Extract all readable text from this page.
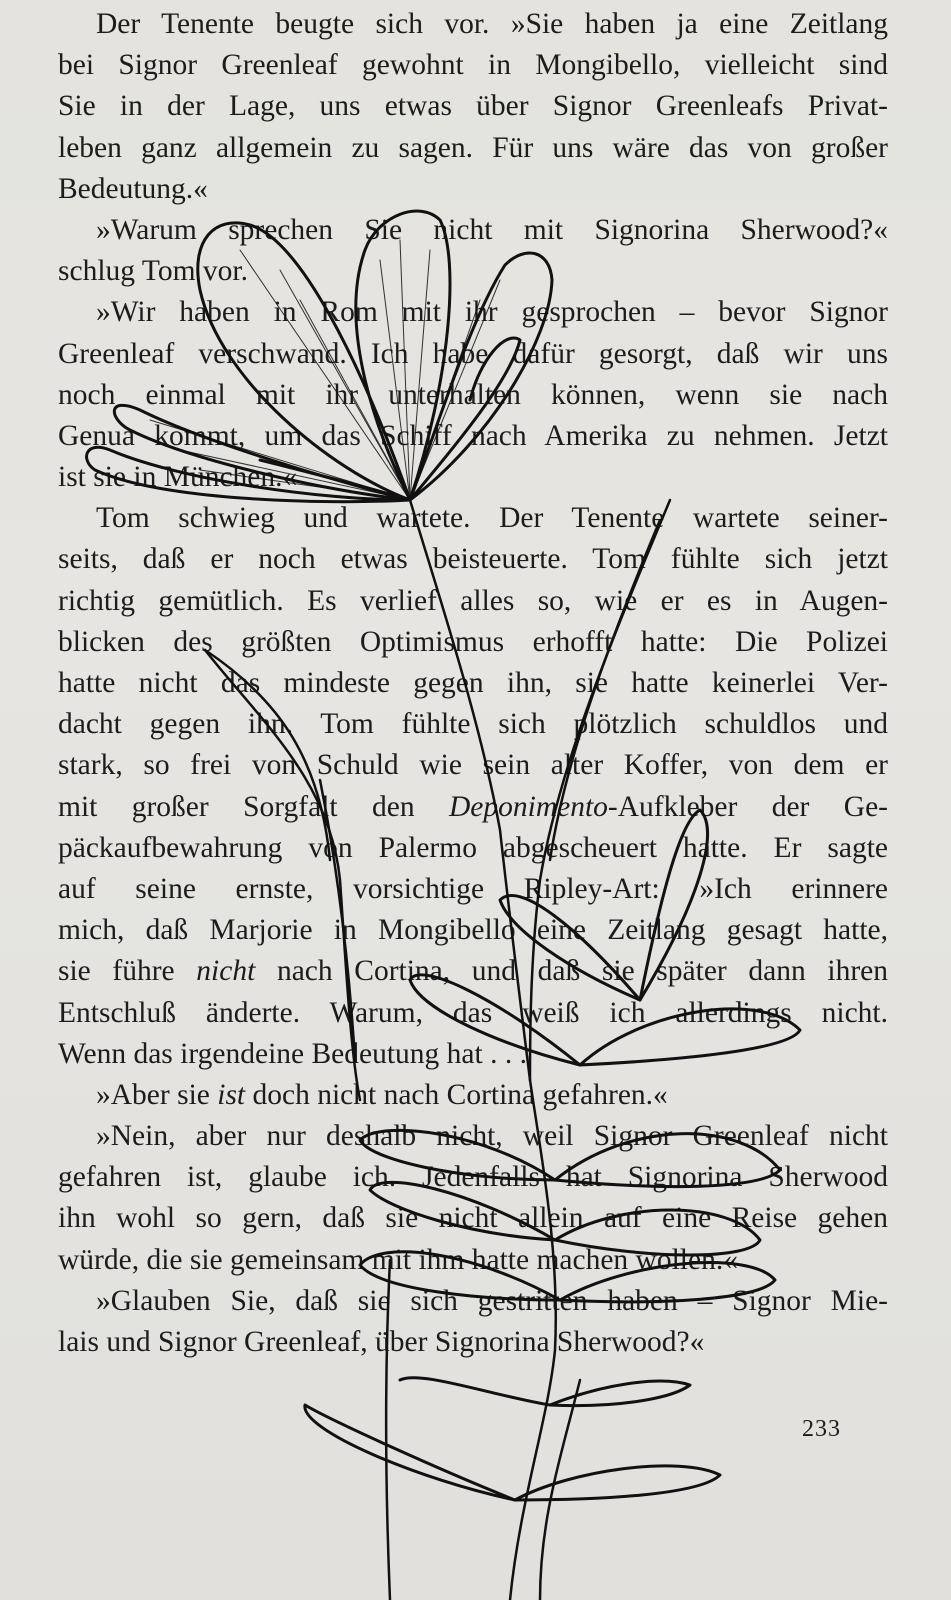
Der Tenente beugte sich vor. »Sie haben ja eine Zeitlang
bei Signor Greenleaf gewohnt in Mongibello, vielleicht sind
Sie in der Lage, uns etwas über Signor Greenleafs Privat-
leben ganz allgemein zu sagen. Für uns wäre das von großer
Bedeutung.«
»Warum sprechen Sie nicht mit Signorina Sherwood?«
schlug Tom vor.
»Wir haben in Rom mit ihr gesprochen – bevor Signor
Greenleaf verschwand. Ich habe dafür gesorgt, daß wir uns
noch einmal mit ihr unterhalten können, wenn sie nach
Genua kommt, um das Schiff nach Amerika zu nehmen. Jetzt
ist sie in München.«
Tom schwieg und wartete. Der Tenente wartete seiner-
seits, daß er noch etwas beisteuerte. Tom fühlte sich jetzt
richtig gemütlich. Es verlief alles so, wie er es in Augen-
blicken des größten Optimismus erhofft hatte: Die Polizei
hatte nicht das mindeste gegen ihn, sie hatte keinerlei Ver-
dacht gegen ihn. Tom fühlte sich plötzlich schuldlos und
stark, so frei von Schuld wie sein alter Koffer, von dem er
mit großer Sorgfalt den Deponimento-Aufkleber der Ge-
päckaufbewahrung von Palermo abgescheuert hatte. Er sagte
auf seine ernste, vorsichtige Ripley-Art: »Ich erinnere
mich, daß Marjorie in Mongibello eine Zeitlang gesagt hatte,
sie führe nicht nach Cortina, und daß sie später dann ihren
Entschluß änderte. Warum, das weiß ich allerdings nicht.
Wenn das irgendeine Bedeutung hat . . .
»Aber sie ist doch nicht nach Cortina gefahren.«
»Nein, aber nur deshalb nicht, weil Signor Greenleaf nicht
gefahren ist, glaube ich. Jedenfalls hat Signorina Sherwood
ihn wohl so gern, daß sie nicht allein auf eine Reise gehen
würde, die sie gemeinsam mit ihm hatte machen wollen.«
»Glauben Sie, daß sie sich gestritten haben – Signor Mie-
lais und Signor Greenleaf, über Signorina Sherwood?«
233
